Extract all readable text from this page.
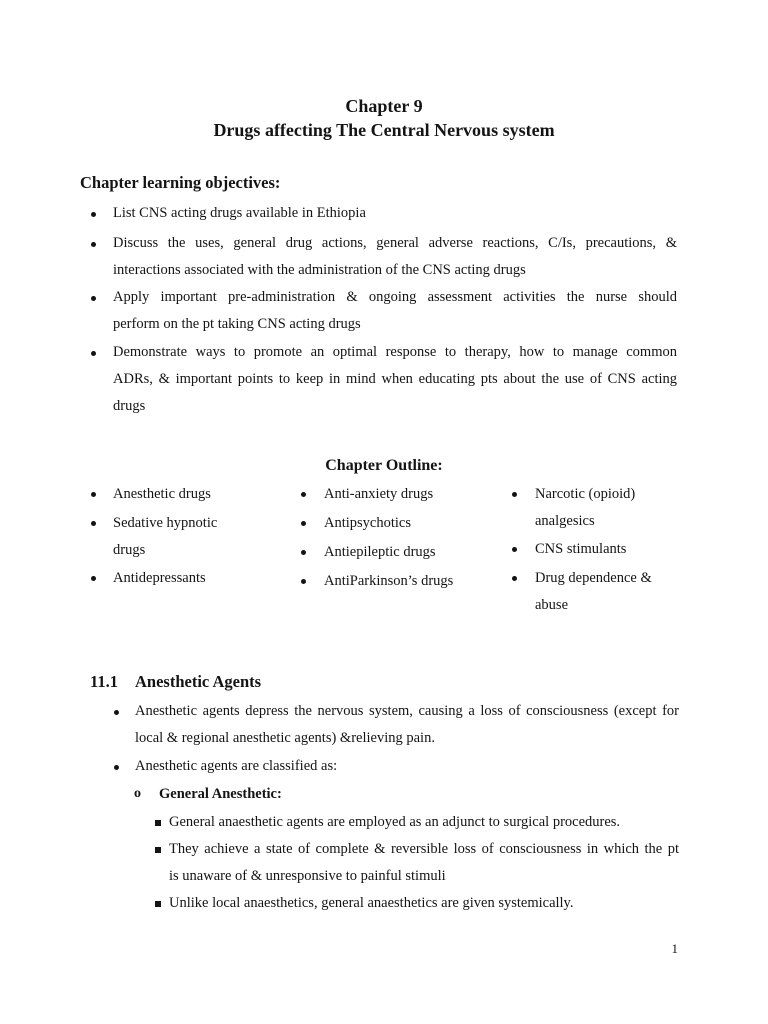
Chapter 9
Drugs affecting The Central Nervous system
Chapter learning objectives:
List CNS acting drugs available in Ethiopia
Discuss the uses, general drug actions, general adverse reactions, C/Is, precautions, &
interactions associated with the administration of the CNS acting drugs
Apply important pre-administration & ongoing assessment activities the nurse should
perform on the pt taking CNS acting drugs
Demonstrate ways to promote an optimal response to therapy, how to manage common
ADRs, & important points to keep in mind when educating pts about the use of CNS acting
drugs
Chapter Outline:
Anesthetic drugs
Sedative hypnotic drugs
Antidepressants
Anti-anxiety drugs
Antipsychotics
Antiepileptic drugs
AntiParkinson’s drugs
Narcotic (opioid) analgesics
CNS stimulants
Drug dependence & abuse
11.1 Anesthetic Agents
Anesthetic agents depress the nervous system, causing a loss of consciousness (except for
local & regional anesthetic agents) &relieving pain.
Anesthetic agents are classified as:
o General Anesthetic:
General anaesthetic agents are employed as an adjunct to surgical procedures.
They achieve a state of complete & reversible loss of consciousness in which the pt
is unaware of & unresponsive to painful stimuli
Unlike local anaesthetics, general anaesthetics are given systemically.
1
